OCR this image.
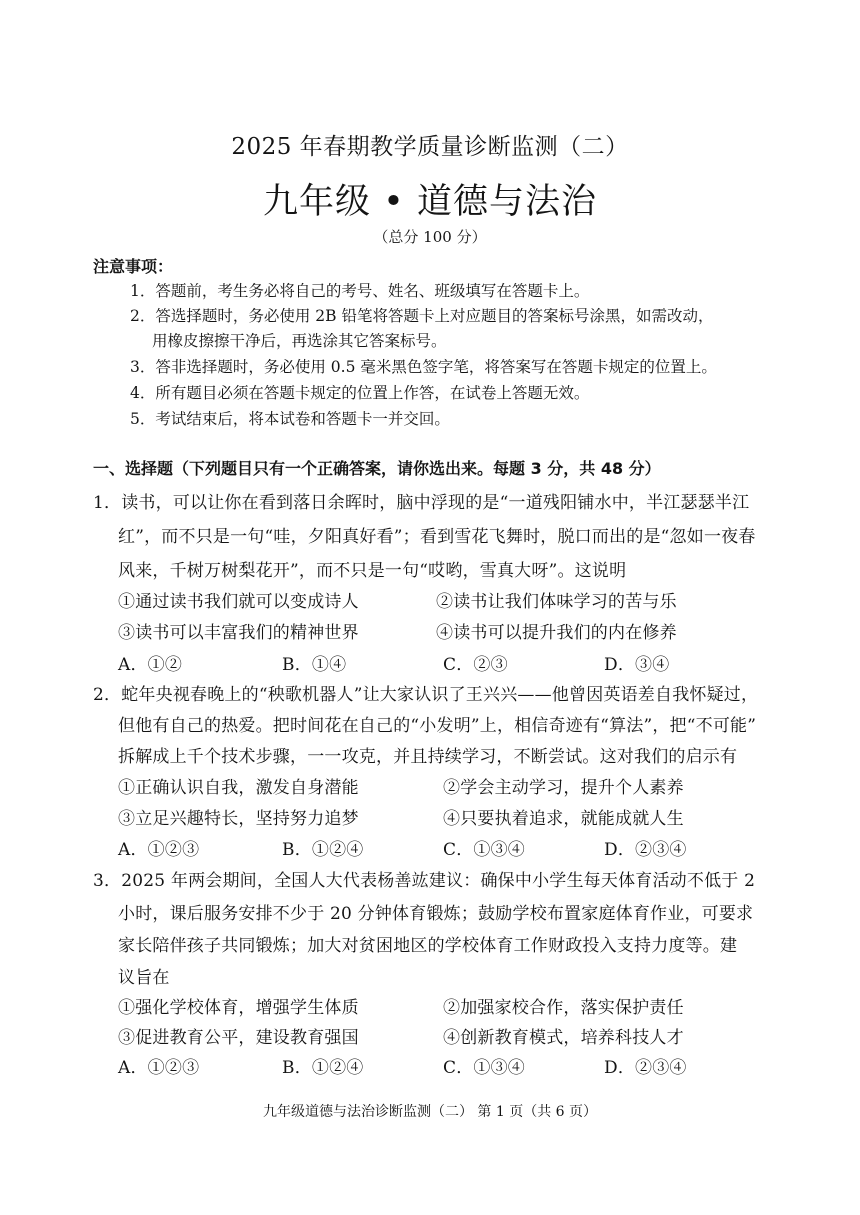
2025 年春期教学质量诊断监测（二）
九年级 • 道德与法治
（总分 100 分）
注意事项：
1．答题前，考生务必将自己的考号、姓名、班级填写在答题卡上。
2．答选择题时，务必使用 2B 铅笔将答题卡上对应题目的答案标号涂黑，如需改动，
用橡皮擦擦干净后，再选涂其它答案标号。
3．答非选择题时，务必使用 0.5 毫米黑色签字笔，将答案写在答题卡规定的位置上。
4．所有题目必须在答题卡规定的位置上作答，在试卷上答题无效。
5．考试结束后，将本试卷和答题卡一并交回。
一、选择题（下列题目只有一个正确答案，请你选出来。每题 3 分，共 48 分）
1．读书，可以让你在看到落日余晖时，脑中浮现的是“一道残阳铺水中，半江瑟瑟半江
红”，而不只是一句“哇，夕阳真好看”；看到雪花飞舞时，脱口而出的是“忽如一夜春
风来，千树万树梨花开”，而不只是一句“哎哟，雪真大呀”。这说明
①通过读书我们就可以变成诗人	②读书让我们体味学习的苦与乐
③读书可以丰富我们的精神世界	④读书可以提升我们的内在修养
A．①②	B．①④	C．②③	D．③④
2．蛇年央视春晚上的“秧歌机器人”让大家认识了王兴兴——他曾因英语差自我怀疑过，
但他有自己的热爱。把时间花在自己的“小发明”上，相信奇迹有“算法”，把“不可能”
拆解成上千个技术步骤，一一攻克，并且持续学习，不断尝试。这对我们的启示有
①正确认识自我，激发自身潜能	②学会主动学习，提升个人素养
③立足兴趣特长，坚持努力追梦	④只要执着追求，就能成就人生
A．①②③	B．①②④	C．①③④	D．②③④
3．2025 年两会期间，全国人大代表杨善竑建议：确保中小学生每天体育活动不低于 2
小时，课后服务安排不少于 20 分钟体育锻炼；鼓励学校布置家庭体育作业，可要求
家长陪伴孩子共同锻炼；加大对贫困地区的学校体育工作财政投入支持力度等。建
议旨在
①强化学校体育，增强学生体质	②加强家校合作，落实保护责任
③促进教育公平，建设教育强国	④创新教育模式，培养科技人才
A．①②③	B．①②④	C．①③④	D．②③④
九年级道德与法治诊断监测（二） 第 1 页（共 6 页）
